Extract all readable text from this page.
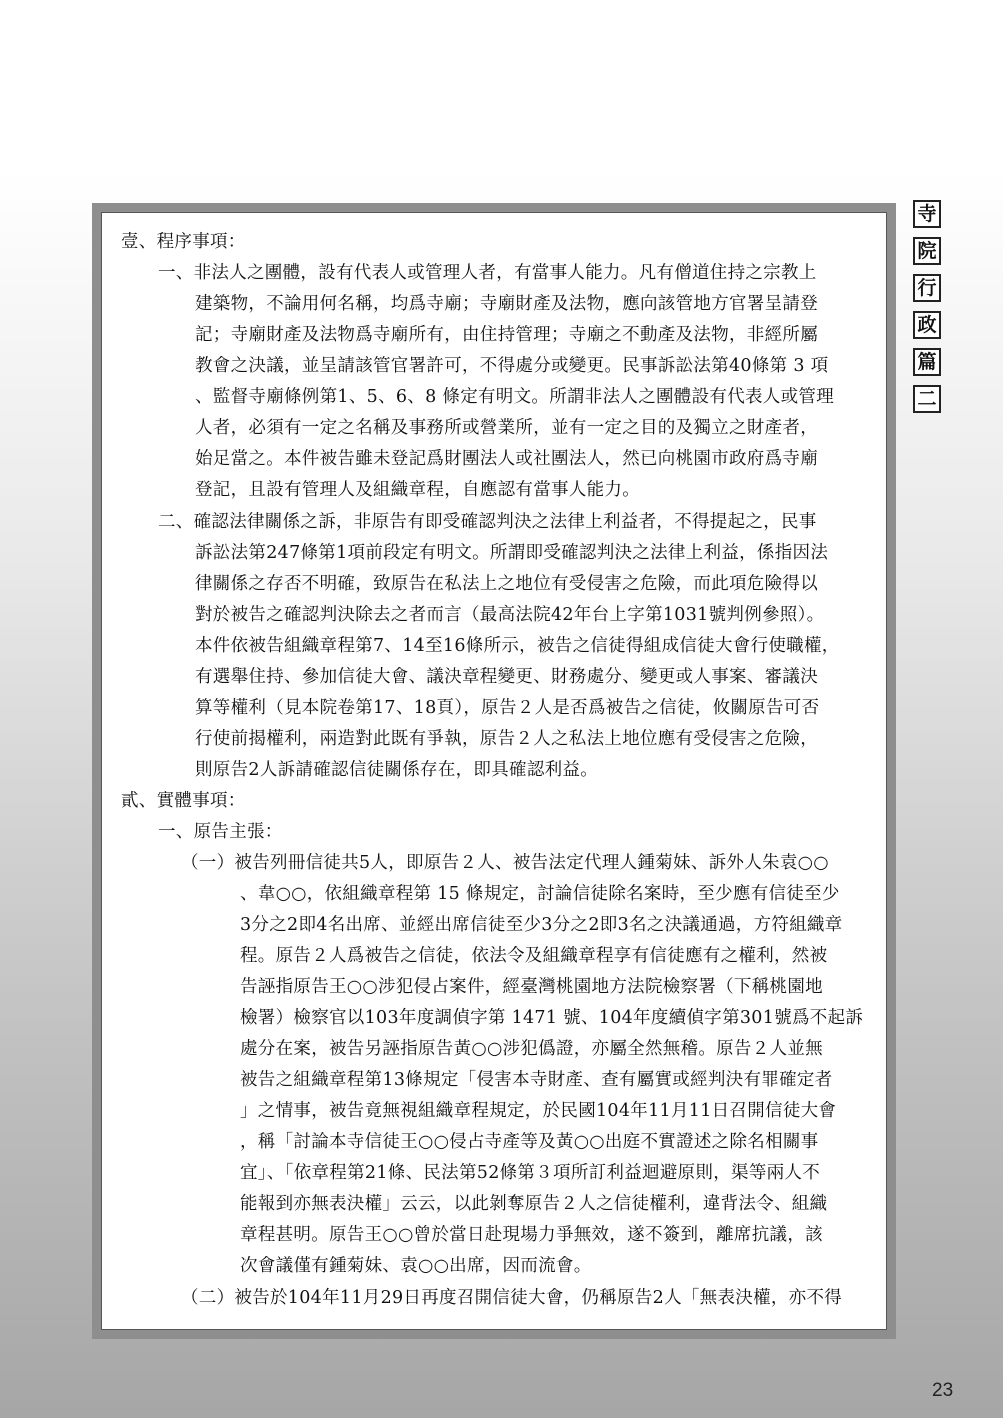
壹、程序事項：
一、非法人之團體，設有代表人或管理人者，有當事人能力。凡有僧道住持之宗教上
建築物，不論用何名稱，均爲寺廟；寺廟財產及法物，應向該管地方官署呈請登
記；寺廟財產及法物爲寺廟所有，由住持管理；寺廟之不動產及法物，非經所屬
教會之決議，並呈請該管官署許可，不得處分或變更。民事訴訟法第40條第 3 項
、監督寺廟條例第1、5、6、8 條定有明文。所謂非法人之團體設有代表人或管理
人者，必須有一定之名稱及事務所或營業所，並有一定之目的及獨立之財產者，
始足當之。本件被告雖未登記爲財團法人或社團法人，然已向桃園市政府爲寺廟
登記，且設有管理人及組織章程，自應認有當事人能力。
二、確認法律關係之訴，非原告有即受確認判決之法律上利益者，不得提起之，民事
訴訟法第247條第1項前段定有明文。所謂即受確認判決之法律上利益，係指因法
律關係之存否不明確，致原告在私法上之地位有受侵害之危險，而此項危險得以
對於被告之確認判決除去之者而言（最高法院42年台上字第1031號判例參照）。
本件依被告組織章程第7、14至16條所示，被告之信徒得組成信徒大會行使職權，
有選舉住持、參加信徒大會、議決章程變更、財務處分、變更或人事案、審議決
算等權利（見本院卷第17、18頁），原告２人是否爲被告之信徒，攸關原告可否
行使前揭權利，兩造對此既有爭執，原告２人之私法上地位應有受侵害之危險，
則原告2人訴請確認信徒關係存在，即具確認利益。
貳、實體事項：
一、原告主張：
（一）被告列冊信徒共5人，即原告２人、被告法定代理人鍾菊妹、訴外人朱袁○○
、韋○○，依組織章程第 15 條規定，討論信徒除名案時，至少應有信徒至少
3分之2即4名出席、並經出席信徒至少3分之2即3名之決議通過，方符組織章
程。原告２人爲被告之信徒，依法令及組織章程享有信徒應有之權利，然被
告誣指原告王○○涉犯侵占案件，經臺灣桃園地方法院檢察署（下稱桃園地
檢署）檢察官以103年度調偵字第 1471 號、104年度續偵字第301號爲不起訴
處分在案，被告另誣指原告黃○○涉犯僞證，亦屬全然無稽。原告２人並無
被告之組織章程第13條規定「侵害本寺財產、查有屬實或經判決有罪確定者
」之情事，被告竟無視組織章程規定，於民國104年11月11日召開信徒大會
，稱「討論本寺信徒王○○侵占寺產等及黃○○出庭不實證述之除名相關事
宜」、「依章程第21條、民法第52條第３項所訂利益迴避原則，渠等兩人不
能報到亦無表決權」云云，以此剝奪原告２人之信徒權利，違背法令、組織
章程甚明。原告王○○曾於當日赴現場力爭無效，遂不簽到，離席抗議，該
次會議僅有鍾菊妹、袁○○出席，因而流會。
（二）被告於104年11月29日再度召開信徒大會，仍稱原告2人「無表決權，亦不得
寺
院
行
政
篇
二
23
